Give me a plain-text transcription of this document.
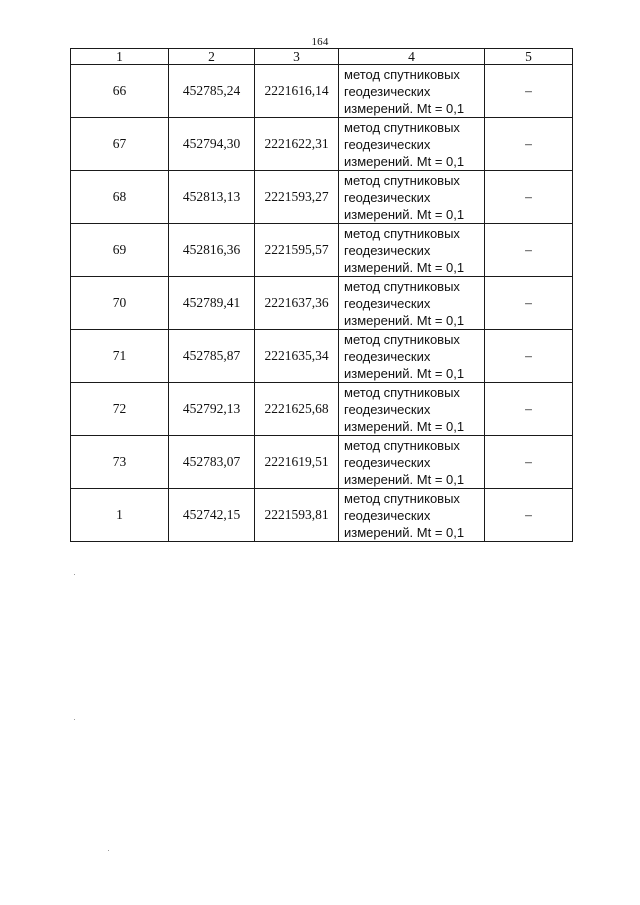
164
1	2	3	4	5
66	452785,24	2221616,14	метод спутниковых
геодезических
измерений. Mt = 0,1	–
67	452794,30	2221622,31	метод спутниковых
геодезических
измерений. Mt = 0,1	–
68	452813,13	2221593,27	метод спутниковых
геодезических
измерений. Mt = 0,1	–
69	452816,36	2221595,57	метод спутниковых
геодезических
измерений. Mt = 0,1	–
70	452789,41	2221637,36	метод спутниковых
геодезических
измерений. Mt = 0,1	–
71	452785,87	2221635,34	метод спутниковых
геодезических
измерений. Mt = 0,1	–
72	452792,13	2221625,68	метод спутниковых
геодезических
измерений. Mt = 0,1	–
73	452783,07	2221619,51	метод спутниковых
геодезических
измерений. Mt = 0,1	–
1	452742,15	2221593,81	метод спутниковых
геодезических
измерений. Mt = 0,1	–
